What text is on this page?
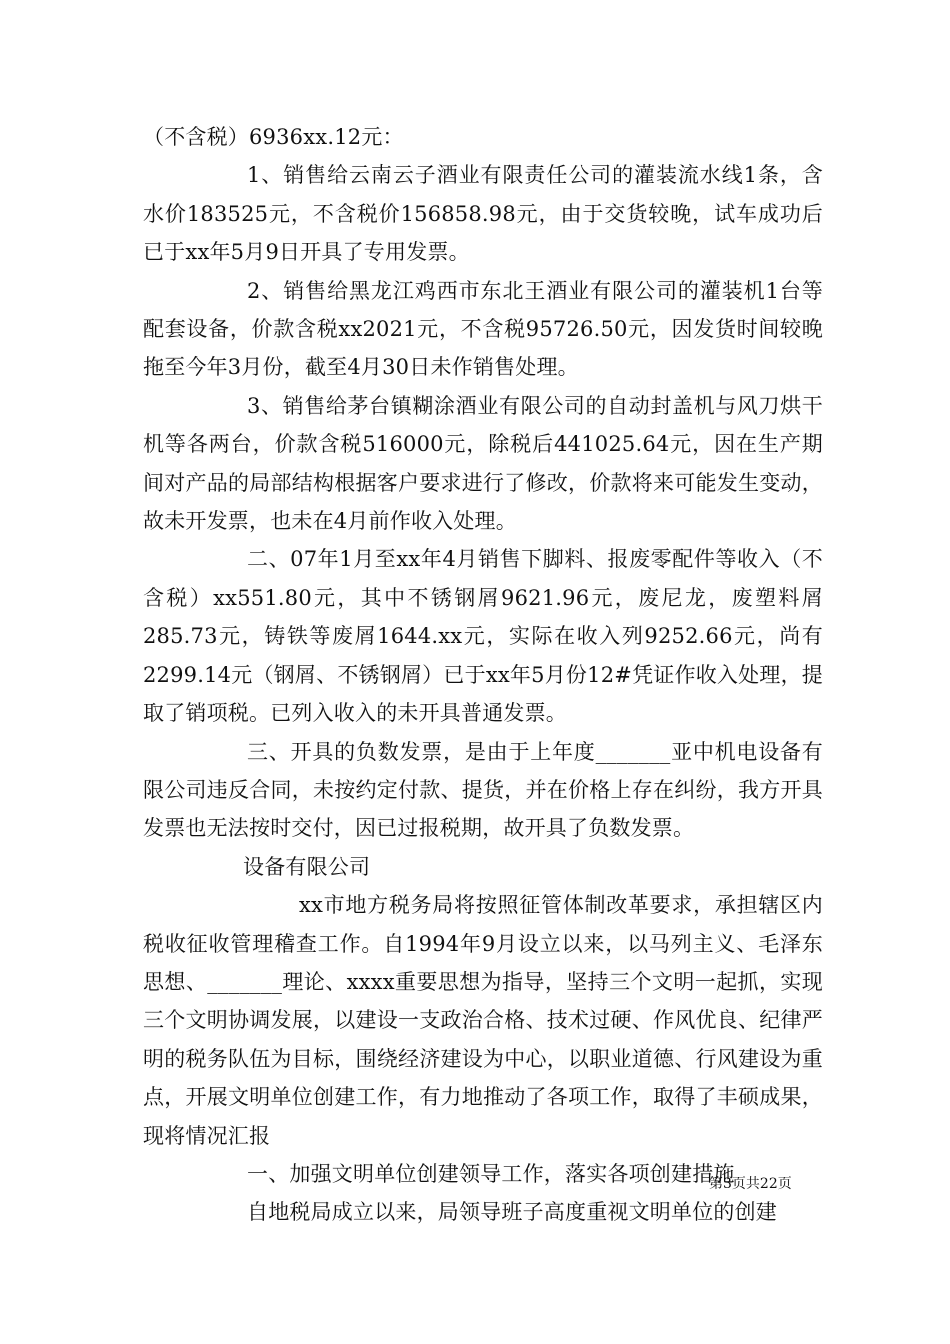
（不含税）6936xx.12元：

1、销售给云南云子酒业有限责任公司的灌装流水线1条，含水价183525元，不含税价156858.98元，由于交货较晚，试车成功后已于xx年5月9日开具了专用发票。

2、销售给黑龙江鸡西市东北王酒业有限公司的灌装机1台等配套设备，价款含税xx2021元，不含税95726.50元，因发货时间较晚拖至今年3月份，截至4月30日未作销售处理。

3、销售给茅台镇糊涂酒业有限公司的自动封盖机与风刀烘干机等各两台，价款含税516000元，除税后441025.64元，因在生产期间对产品的局部结构根据客户要求进行了修改，价款将来可能发生变动，故未开发票，也未在4月前作收入处理。

二、07年1月至xx年4月销售下脚料、报废零配件等收入（不含税）xx551.80元，其中不锈钢屑9621.96元，废尼龙，废塑料屑285.73元，铸铁等废屑1644.xx元，实际在收入列9252.66元，尚有2299.14元（钢屑、不锈钢屑）已于xx年5月份12#凭证作收入处理，提取了销项税。已列入收入的未开具普通发票。

三、开具的负数发票，是由于上年度_______亚中机电设备有限公司违反合同，未按约定付款、提货，并在价格上存在纠纷，我方开具发票也无法按时交付，因已过报税期，故开具了负数发票。

设备有限公司

xx市地方税务局将按照征管体制改革要求，承担辖区内税收征收管理稽查工作。自1994年9月设立以来，以马列主义、毛泽东思想、_______理论、xxxx重要思想为指导，坚持三个文明一起抓，实现三个文明协调发展，以建设一支政治合格、技术过硬、作风优良、纪律严明的税务队伍为目标，围绕经济建设为中心，以职业道德、行风建设为重点，开展文明单位创建工作，有力地推动了各项工作，取得了丰硕成果，现将情况汇报

一、加强文明单位创建领导工作，落实各项创建措施

自地税局成立以来，局领导班子高度重视文明单位的创建

第3页共22页
